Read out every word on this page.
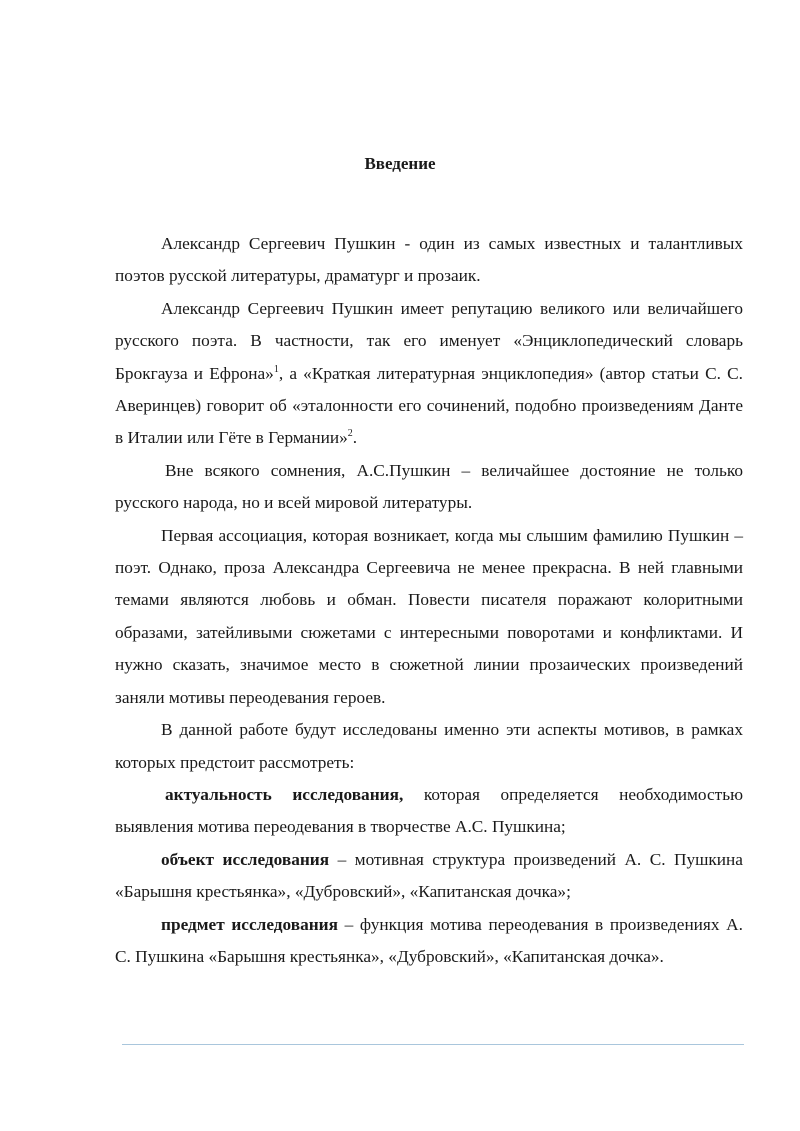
Введение

Александр Сергеевич Пушкин - один из самых известных и талантливых поэтов русской литературы, драматург и прозаик.

Александр Сергеевич Пушкин имеет репутацию великого или величайшего русского поэта. В частности, так его именует «Энциклопедический словарь Брокгауза и Ефрона»$^1$, а «Краткая литературная энциклопедия» (автор статьи С. С. Аверинцев) говорит об «эталонности его сочинений, подобно произведениям Данте в Италии или Гёте в Германии»$^2$.

Вне всякого сомнения, А.С.Пушкин – величайшее достояние не только русского народа, но и всей мировой литературы.

Первая ассоциация, которая возникает, когда мы слышим фамилию Пушкин – поэт. Однако, проза Александра Сергеевича не менее прекрасна. В ней главными темами являются любовь и обман. Повести писателя поражают колоритными образами, затейливыми сюжетами с интересными поворотами и конфликтами. И нужно сказать, значимое место в сюжетной линии прозаических произведений заняли мотивы переодевания героев.

В данной работе будут исследованы именно эти аспекты мотивов, в рамках которых предстоит рассмотреть:

актуальность исследования, которая определяется необходимостью выявления мотива переодевания в творчестве А.С. Пушкина;

объект исследования – мотивная структура произведений А. С. Пушкина «Барышня крестьянка», «Дубровский», «Капитанская дочка»;

предмет исследования – функция мотива переодевания в произведениях А. С. Пушкина «Барышня крестьянка», «Дубровский», «Капитанская дочка».
